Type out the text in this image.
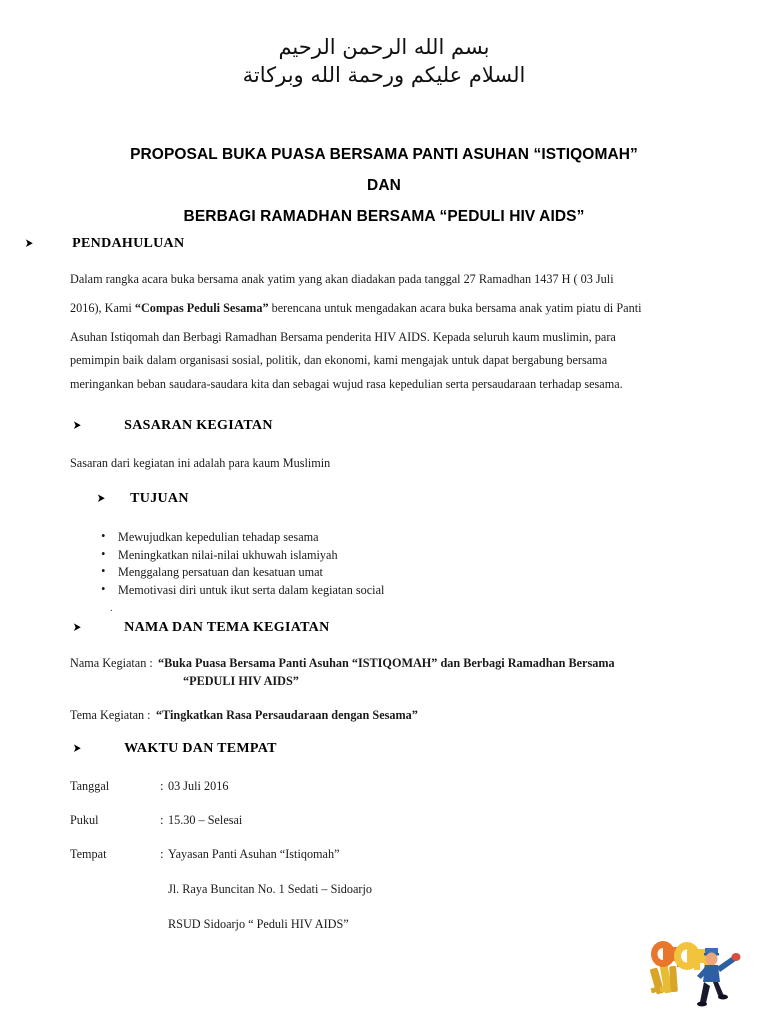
بسم الله الرحمن الرحيم
السلام عليكم ورحمة الله وبركاتة
PROPOSAL BUKA PUASA BERSAMA PANTI ASUHAN “ISTIQOMAH”
DAN
BERBAGI RAMADHAN BERSAMA “PEDULI HIV AIDS”
➤	PENDAHULUAN
Dalam rangka acara buka bersama anak yatim yang akan diadakan pada tanggal 27 Ramadhan 1437 H ( 03 Juli
2016), Kami “Compas Peduli Sesama” berencana untuk mengadakan acara buka bersama anak yatim piatu di Panti
Asuhan Istiqomah dan Berbagi Ramadhan Bersama penderita HIV AIDS. Kepada seluruh kaum muslimin, para
pemimpin baik dalam organisasi sosial, politik, dan ekonomi, kami mengajak untuk dapat bergabung bersama
meringankan beban saudara-saudara kita dan sebagai wujud rasa kepedulian serta persaudaraan terhadap sesama.
➤	SASARAN KEGIATAN
Sasaran dari kegiatan ini adalah para kaum Muslimin
➤ TUJUAN
• Mewujudkan kepedulian tehadap sesama
• Meningkatkan nilai-nilai ukhuwah islamiyah
• Menggalang persatuan dan kesatuan umat
• Memotivasi diri untuk ikut serta dalam kegiatan social
.
➤	NAMA DAN TEMA KEGIATAN
Nama Kegiatan :“Buka Puasa Bersama Panti Asuhan “ISTIQOMAH” dan Berbagi Ramadhan Bersama
“PEDULI HIV AIDS”
Tema Kegiatan :“Tingkatkan Rasa Persaudaraan dengan Sesama”
➤	WAKTU DAN TEMPAT
Tanggal	: 03 Juli 2016
Pukul	: 15.30 – Selesai
Tempat	: Yayasan Panti Asuhan “Istiqomah”
Jl. Raya Buncitan No. 1 Sedati – Sidoarjo
RSUD Sidoarjo “ Peduli HIV AIDS”
